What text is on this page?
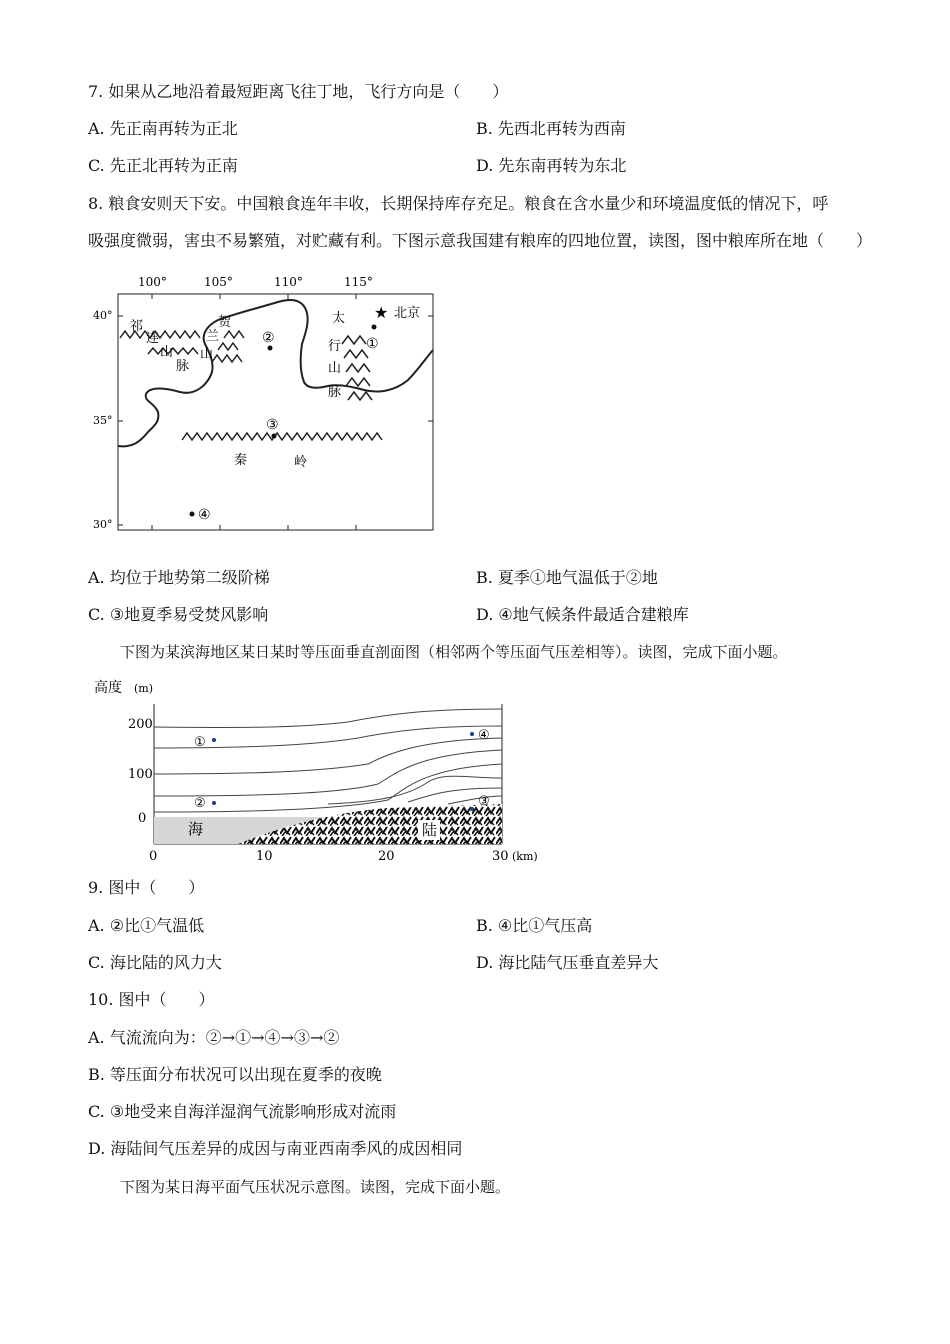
7. 如果从乙地沿着最短距离飞往丁地，飞行方向是（　　）
A. 先正南再转为正北	B. 先西北再转为西南
C. 先正北再转为正南	D. 先东南再转为东北
8. 粮食安则天下安。中国粮食连年丰收，长期保持库存充足。粮食在含水量少和环境温度低的情况下，呼
吸强度微弱，害虫不易繁殖，对贮藏有利。下图示意我国建有粮库的四地位置，读图，图中粮库所在地（　　）
100°	105°	110°	115°
40°
35°
30°
祁
连
山
脉
贺
兰
山
太
行
山
脉
秦	岭
★ 北京
①
②
③
④
A. 均位于地势第二级阶梯	B. 夏季①地气温低于②地
C. ③地夏季易受焚风影响	D. ④地气候条件最适合建粮库
下图为某滨海地区某日某时等压面垂直剖面图（相邻两个等压面气压差相等）。读图，完成下面小题。
高度 (m)
200
100
0
海	陆
①
②	③
④
0	10	20	30 (km)
9. 图中（　　）
A. ②比①气温低	B. ④比①气压高
C. 海比陆的风力大	D. 海比陆气压垂直差异大
10. 图中（　　）
A. 气流流向为：②→①→④→③→②
B. 等压面分布状况可以出现在夏季的夜晚
C. ③地受来自海洋湿润气流影响形成对流雨
D. 海陆间气压差异的成因与南亚西南季风的成因相同
下图为某日海平面气压状况示意图。读图，完成下面小题。
